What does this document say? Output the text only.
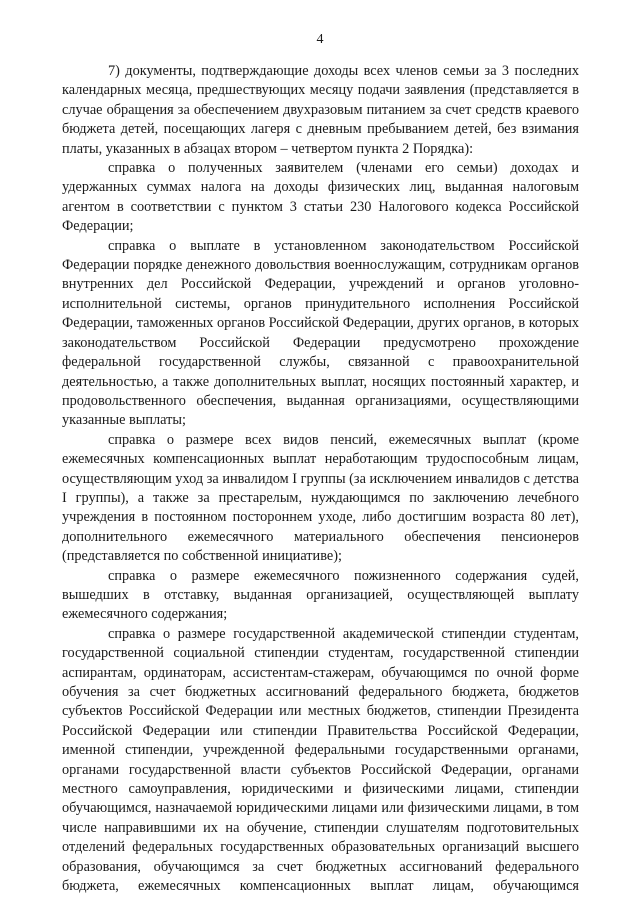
4

7) документы, подтверждающие доходы всех членов семьи за 3 последних календарных месяца, предшествующих месяцу подачи заявления (представляется в случае обращения за обеспечением двухразовым питанием за счет средств краевого бюджета детей, посещающих лагеря с дневным пребыванием детей, без взимания платы, указанных в абзацах втором – четвертом пункта 2 Порядка):

справка о полученных заявителем (членами его семьи) доходах и удержанных суммах налога на доходы физических лиц, выданная налоговым агентом в соответствии с пунктом 3 статьи 230 Налогового кодекса Российской Федерации;

справка о выплате в установленном законодательством Российской Федерации порядке денежного довольствия военнослужащим, сотрудникам органов внутренних дел Российской Федерации, учреждений и органов уголовно-исполнительной системы, органов принудительного исполнения Российской Федерации, таможенных органов Российской Федерации, других органов, в которых законодательством Российской Федерации предусмотрено прохождение федеральной государственной службы, связанной с правоохранительной деятельностью, а также дополнительных выплат, носящих постоянный характер, и продовольственного обеспечения, выданная организациями, осуществляющими указанные выплаты;

справка о размере всех видов пенсий, ежемесячных выплат (кроме ежемесячных компенсационных выплат неработающим трудоспособным лицам, осуществляющим уход за инвалидом I группы (за исключением инвалидов с детства I группы), а также за престарелым, нуждающимся по заключению лечебного учреждения в постоянном постороннем уходе, либо достигшим возраста 80 лет), дополнительного ежемесячного материального обеспечения пенсионеров (представляется по собственной инициативе);

справка о размере ежемесячного пожизненного содержания судей, вышедших в отставку, выданная организацией, осуществляющей выплату ежемесячного содержания;

справка о размере государственной академической стипендии студентам, государственной социальной стипендии студентам, государственной стипендии аспирантам, ординаторам, ассистентам-стажерам, обучающимся по очной форме обучения за счет бюджетных ассигнований федерального бюджета, бюджетов субъектов Российской Федерации или местных бюджетов, стипендии Президента Российской Федерации или стипендии Правительства Российской Федерации, именной стипендии, учрежденной федеральными государственными органами, органами государственной власти субъектов Российской Федерации, органами местного самоуправления, юридическими и физическими лицами, стипендии обучающимся, назначаемой юридическими лицами или физическими лицами, в том числе направившими их на обучение, стипендии слушателям подготовительных отделений федеральных государственных образовательных организаций высшего образования, обучающимся за счет бюджетных ассигнований федерального бюджета, ежемесячных компенсационных выплат лицам, обучающимся
